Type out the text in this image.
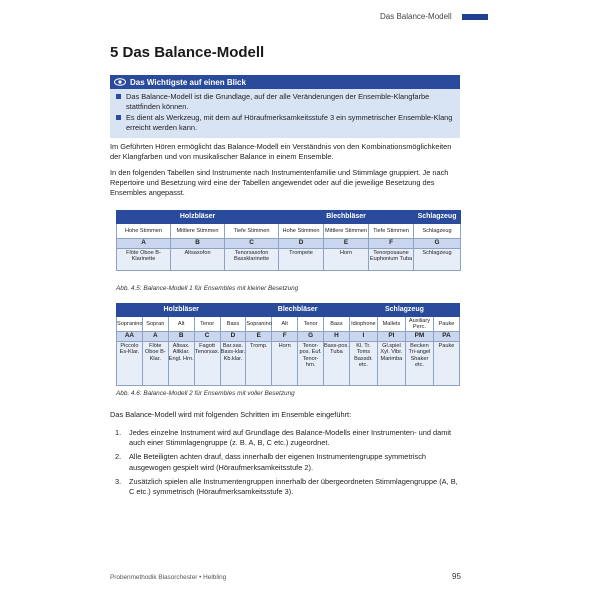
Das Balance-Modell
5 Das Balance-Modell
Das Wichtigste auf einen Blick
Das Balance-Modell ist die Grundlage, auf der alle Veränderungen der Ensemble-Klangfarbe stattfinden können.
Es dient als Werkzeug, mit dem auf Höraufmerksamkeitsstufe 3 ein symmetrischer Ensemble-Klang erreicht werden kann.

Im Geführten Hören ermöglicht das Balance-Modell ein Verständnis von den Kombinationsmöglichkeiten der Klangfarben und von musikalischer Balance in einem Ensemble.

In den folgenden Tabellen sind Instrumente nach Instrumentenfamilie und Stimmlage gruppiert. Je nach Repertoire und Besetzung wird eine der Tabellen angewendet oder auf die jeweilige Besetzung des Ensembles angepasst.

Holzbläser			Blechbläser			Schlagzeug
Hohe Stimmen	Mittlere Stimmen	Tiefe Stimmen	Hohe Stimmen	Mittlere Stimmen	Tiefe Stimmen	Schlagzeug
A	B	C	D	E	F	G
Flöte Oboe B-Klarinette	Altsaxofon	Tenorsaxofon Bassklarinette	Trompete	Horn	Tenorposaune Euphonium Tuba	Schlagzeug
Abb. 4.5: Balance-Modell 1 für Ensembles mit kleiner Besetzung
Holzbläser					Blechbläser				Schlagzeug			
Sopranino	Sopran	Alt	Tenor	Bass	Sopranino	Alt	Tenor	Bass	Idiophone	Mallets	Auxiliary Perc.	Pauke
AA	A	B	C	D	E	F	G	H	I	PI	PM	PA
Piccolo Es-Klar.	Flöte Oboe B-Klar.	Altsax. Altklar. Engl. Hrn.	Fagott Tenorsax.	Bar.sax. Bass-klar. Kb.klar.	Tromp.	Horn	Tenor-pos. Euf. Tenor-hrn.	Bass-pos. Tuba	Kl. Tr. Toms Bassdr. etc.	Gl.spiel Xyl. Vibr. Marimba	Becken Tri-angel Shaker etc.	Pauke
Abb. 4.6: Balance-Modell 2 für Ensembles mit voller Besetzung

Das Balance-Modell wird mit folgenden Schritten im Ensemble eingeführt:

1.	Jedes einzelne Instrument wird auf Grundlage des Balance-Modells einer Instrumenten- und damit auch einer Stimmlagengruppe (z. B. A, B, C etc.) zugeordnet.
2.	Alle Beteiligten achten drauf, dass innerhalb der eigenen Instrumentengruppe symmetrisch ausgewogen gespielt wird (Höraufmerksamkeitsstufe 2).
3.	Zusätzlich spielen alle Instrumentengruppen innerhalb der übergeordneten Stimmlagengruppe (A, B, C etc.) symmetrisch (Höraufmerksamkeitsstufe 3).
Probenmethodik Blasorchester • Helbling	95
